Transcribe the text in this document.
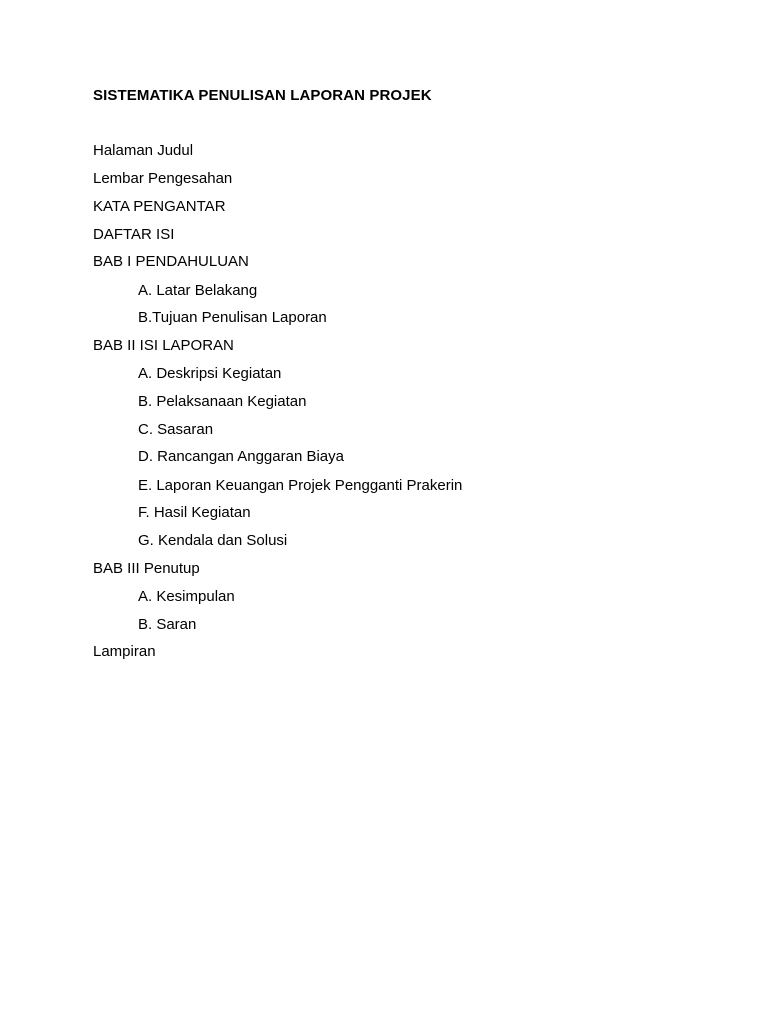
SISTEMATIKA PENULISAN LAPORAN PROJEK
Halaman Judul
Lembar Pengesahan
KATA PENGANTAR
DAFTAR ISI
BAB I PENDAHULUAN
A. Latar Belakang
B.Tujuan Penulisan Laporan
BAB II ISI LAPORAN
A. Deskripsi Kegiatan
B. Pelaksanaan Kegiatan
C. Sasaran
D. Rancangan Anggaran Biaya
E. Laporan Keuangan Projek Pengganti Prakerin
F. Hasil Kegiatan
G. Kendala dan Solusi
BAB III Penutup
A. Kesimpulan
B. Saran
Lampiran
